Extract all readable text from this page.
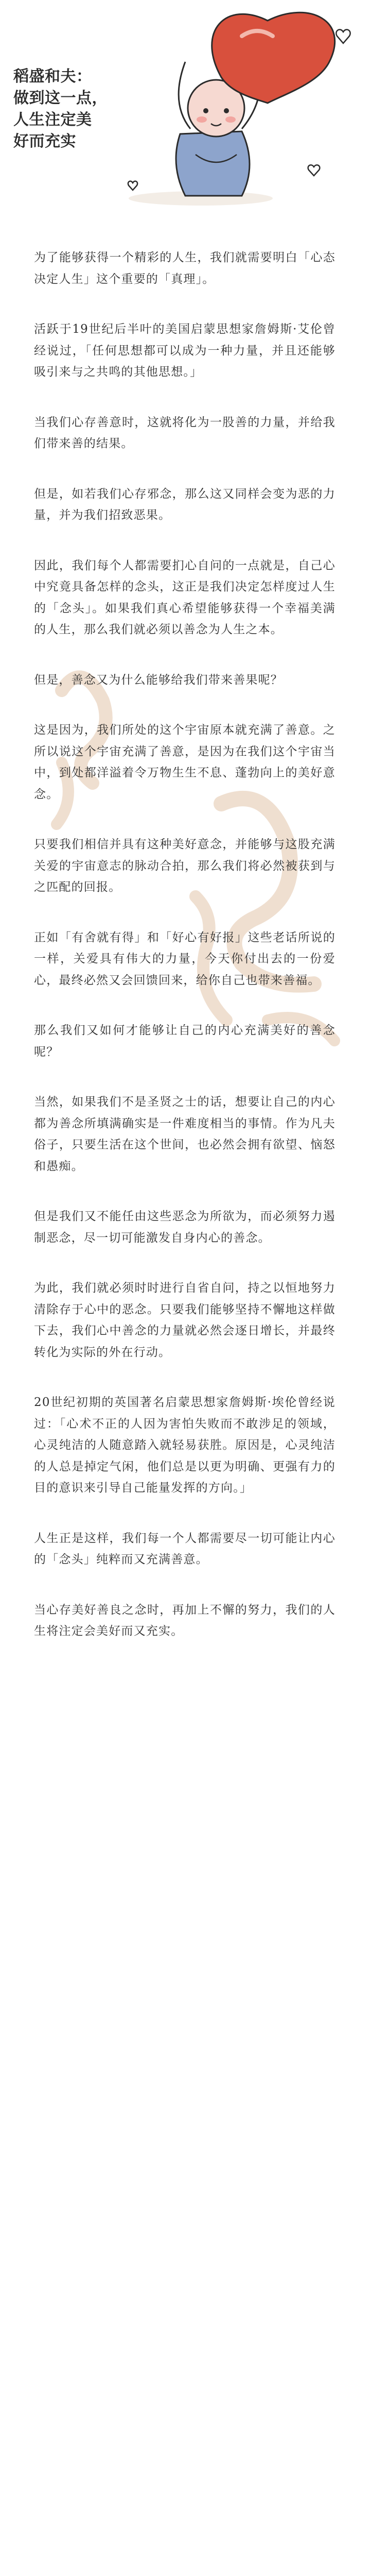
稻盛和夫：
做到这一点，
人生注定美
好而充实

为了能够获得一个精彩的人生，我们就需要明白「心态决定人生」这个重要的「真理」。

活跃于19世纪后半叶的美国启蒙思想家詹姆斯·艾伦曾经说过，「任何思想都可以成为一种力量，并且还能够吸引来与之共鸣的其他思想。」

当我们心存善意时，这就将化为一股善的力量，并给我们带来善的结果。

但是，如若我们心存邪念，那么这又同样会变为恶的力量，并为我们招致恶果。

因此，我们每个人都需要扪心自问的一点就是，自己心中究竟具备怎样的念头，这正是我们决定怎样度过人生的「念头」。如果我们真心希望能够获得一个幸福美满的人生，那么我们就必须以善念为人生之本。

但是，善念又为什么能够给我们带来善果呢？

这是因为，我们所处的这个宇宙原本就充满了善意。之所以说这个宇宙充满了善意，是因为在我们这个宇宙当中，到处都洋溢着令万物生生不息、蓬勃向上的美好意念。

只要我们相信并具有这种美好意念，并能够与这股充满关爱的宇宙意志的脉动合拍，那么我们将必然被获到与之匹配的回报。

正如「有舍就有得」和「好心有好报」这些老话所说的一样，关爱具有伟大的力量，今天你付出去的一份爱心，最终必然又会回馈回来，给你自己也带来善福。

那么我们又如何才能够让自己的内心充满美好的善念呢？

当然，如果我们不是圣贤之士的话，想要让自己的内心都为善念所填满确实是一件难度相当的事情。作为凡夫俗子，只要生活在这个世间，也必然会拥有欲望、恼怒和愚痴。

但是我们又不能任由这些恶念为所欲为，而必须努力遏制恶念，尽一切可能激发自身内心的善念。

为此，我们就必须时时进行自省自问，持之以恒地努力清除存于心中的恶念。只要我们能够坚持不懈地这样做下去，我们心中善念的力量就必然会逐日增长，并最终转化为实际的外在行动。

20世纪初期的英国著名启蒙思想家詹姆斯·埃伦曾经说过：「心术不正的人因为害怕失败而不敢涉足的领域，心灵纯洁的人随意踏入就轻易获胜。原因是，心灵纯洁的人总是掉定气闲，他们总是以更为明确、更强有力的目的意识来引导自己能量发挥的方向。」

人生正是这样，我们每一个人都需要尽一切可能让内心的「念头」纯粹而又充满善意。

当心存美好善良之念时，再加上不懈的努力，我们的人生将注定会美好而又充实。
